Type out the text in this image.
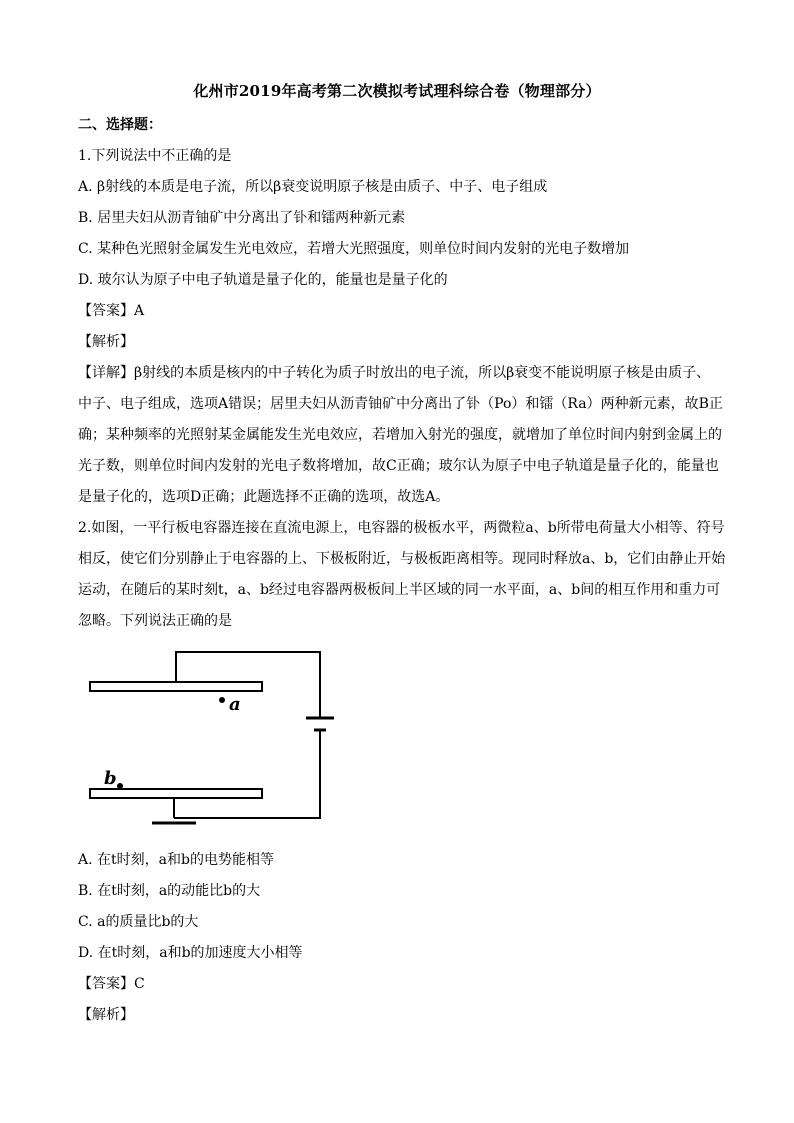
化州市2019年高考第二次模拟考试理科综合卷（物理部分）
二、选择题：
1.下列说法中不正确的是
A. β射线的本质是电子流，所以β衰变说明原子核是由质子、中子、电子组成
B. 居里夫妇从沥青铀矿中分离出了钋和镭两种新元素
C. 某种色光照射金属发生光电效应，若增大光照强度，则单位时间内发射的光电子数增加
D. 玻尔认为原子中电子轨道是量子化的，能量也是量子化的
【答案】A
【解析】
【详解】β射线的本质是核内的中子转化为质子时放出的电子流，所以β衰变不能说明原子核是由质子、
中子、电子组成，选项A错误；居里夫妇从沥青铀矿中分离出了钋（Po）和镭（Ra）两种新元素，故B正
确；某种频率的光照射某金属能发生光电效应，若增加入射光的强度，就增加了单位时间内射到金属上的
光子数，则单位时间内发射的光电子数将增加，故C正确；玻尔认为原子中电子轨道是量子化的，能量也
是量子化的，选项D正确；此题选择不正确的选项，故选A。
2.如图，一平行板电容器连接在直流电源上，电容器的极板水平，两微粒a、b所带电荷量大小相等、符号
相反，使它们分别静止于电容器的上、下极板附近，与极板距离相等。现同时释放a、b，它们由静止开始
运动，在随后的某时刻t，a、b经过电容器两极板间上半区域的同一水平面，a、b间的相互作用和重力可
忽略。下列说法正确的是
a
b
A. 在t时刻，a和b的电势能相等
B. 在t时刻，a的动能比b的大
C. a的质量比b的大
D. 在t时刻，a和b的加速度大小相等
【答案】C
【解析】
